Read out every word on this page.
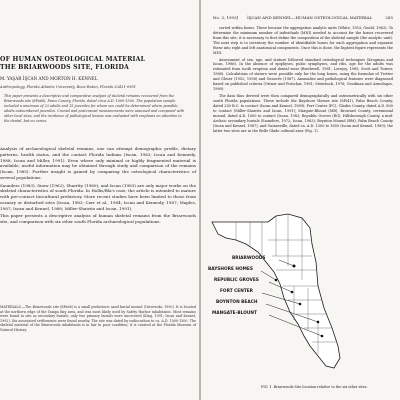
OF HUMAN OSTEOLOGICAL MATERIAL
THE BRIARWOODS SITE, FLORIDA
M. YAŞAR İŞCAN AND MORTON H. KENNEL
Anthropology, Florida Atlantic University, Boca Raton, Florida 33431-0991
This paper presents a descriptive and comparative analysis of skeletal remains recovered from the Briarwoods site (8Pa66), Pasco County, Florida, dated circa A.D. 1000-1500. The population sample included a minimum of 23 adults and 15 juveniles for whom sex could be determined where possible; adults outnumbered juveniles. Cranial and postcranial measurements were assessed and compared with other local sites, and the incidence of pathological lesions was evaluated with emphasis on attention to the dental, but no caries.

Analysis of archaeological skeletal remains, one can attempt demographic profile, dietary patterns, health status, and the contact Florida Indians (Iscan, 1983; Iscan and Kennedy, 1988; Iscan and Miller, 1991). Even where only minimal or highly fragmented material is available, useful information may be obtained through study and comparison of the remains (Iscan, 1985). Further insight is gained by comparing the osteological characteristics of several populations.

Saunders (1983), Snow (1962), Sharitty (1980), and Iscan (1983) are only major works on the skeletal characteristics of south Florida. In Hollis/Bla's case, the article is intended to mature with pre-contact biocultural prehistory. More recent studies have been limited to those from ossuary or disturbed sites (Iscan, 1983; Carr et al., 1984; Iscan and Kennedy, 1987; Maples, 1987; Iscan and Kennel, 1988; Miller-Shaivitz and Iscan, 1991).

This paper presents a descriptive analysis of human skeletal remains from the Briarwoods site, and comparison with six other south Florida archaeological populations.

MATERIALS.—The Briarwoods site (8Pa66) is a small prehistoric sand burial mound (Ostrowski, 1990). It is located at the northern edge of the Tampa Bay area, and was most likely used by Safety Harbor inhabitants. Most remains were found in situ as secondary burials; only two primary burials were uncovered (King, 1991; Iscan and Kennel, 1992). Six associated settlements were found nearby. The site was dated by radiocarbon to ca. A.D. 1000-1500. The skeletal material of the Briarwoods inhabitants is in fair to poor condition; it is curated at the Florida Museum of Natural History.
No. 3, 1993] İŞCAN AND KENNEL—HUMAN OSTEOLOGICAL MATERIAL	285

sorted within boxes. These became the aggregation analytic units (White, 1953; Gould, 1963). To determine the minimum number of individuals (MNI) needed to account for the bones recovered from this site, it is necessary to first define the composition of the skeletal sample (the analytic unit). The next step is to inventory the number of identifiable bones for each aggregation and separate these into right and left anatomical components. Once this is done, the highest figure represents the MNI.

Assessment of sex, age, and stature followed standard osteological techniques (Krogman and Iscan, 1986). In the absence of epiphyses, pubic symphyses, and ribs, age for the adults was estimated from tooth eruption and dental wear (Brothwell, 1981; Lovejoy, 1985; Scott and Turner, 1988). Calculations of stature were possible only for the long bones, using the formulae of Trotter and Gleser (1952; 1958) and Genovés (1967). Anomalies and pathological features were diagnosed based on published criteria (Ortner and Putschar, 1981; Steinbock, 1976; Goodman and Armelagos, 1989).

The data thus derived were then compared demographically and osteometrically with six other south Florida populations. These include the Bayshore Homes site (8Pi41), Palm Beach County, dated 250 B.C. to contact (Iscan and Kennel, 1989); Fort Center (FC), Glades County, dated A.D. 800 to contact (Miller-Shaivitz and Iscan, 1991); Margate-Blount (MB), Broward County, ceremonial mound, dated A.D. 1000 to contact (Iscan, 1983; Republic Groves (RG), Hillsborough County, a mid-Archaic secondary burials (Saunders, 1972; Iscan, 1983); Boynton Mound (BM), Palm Beach County (Iscan and Kennel, 1987), and Gainesville, dated ca. A.D. 1300 to 1650 (Iscan and Kennel, 1989); the latter two sites are in the Belle Glade cultural area (Fig. 1).

BRIARWOODS
BAYSHORE HOMES
REPUBLIC GROVES
FORT CENTER
BOYNTON BEACH
MANGATE-BLOUNT
FIG. 1. Briarwoods Site location relative to the six other sites.
